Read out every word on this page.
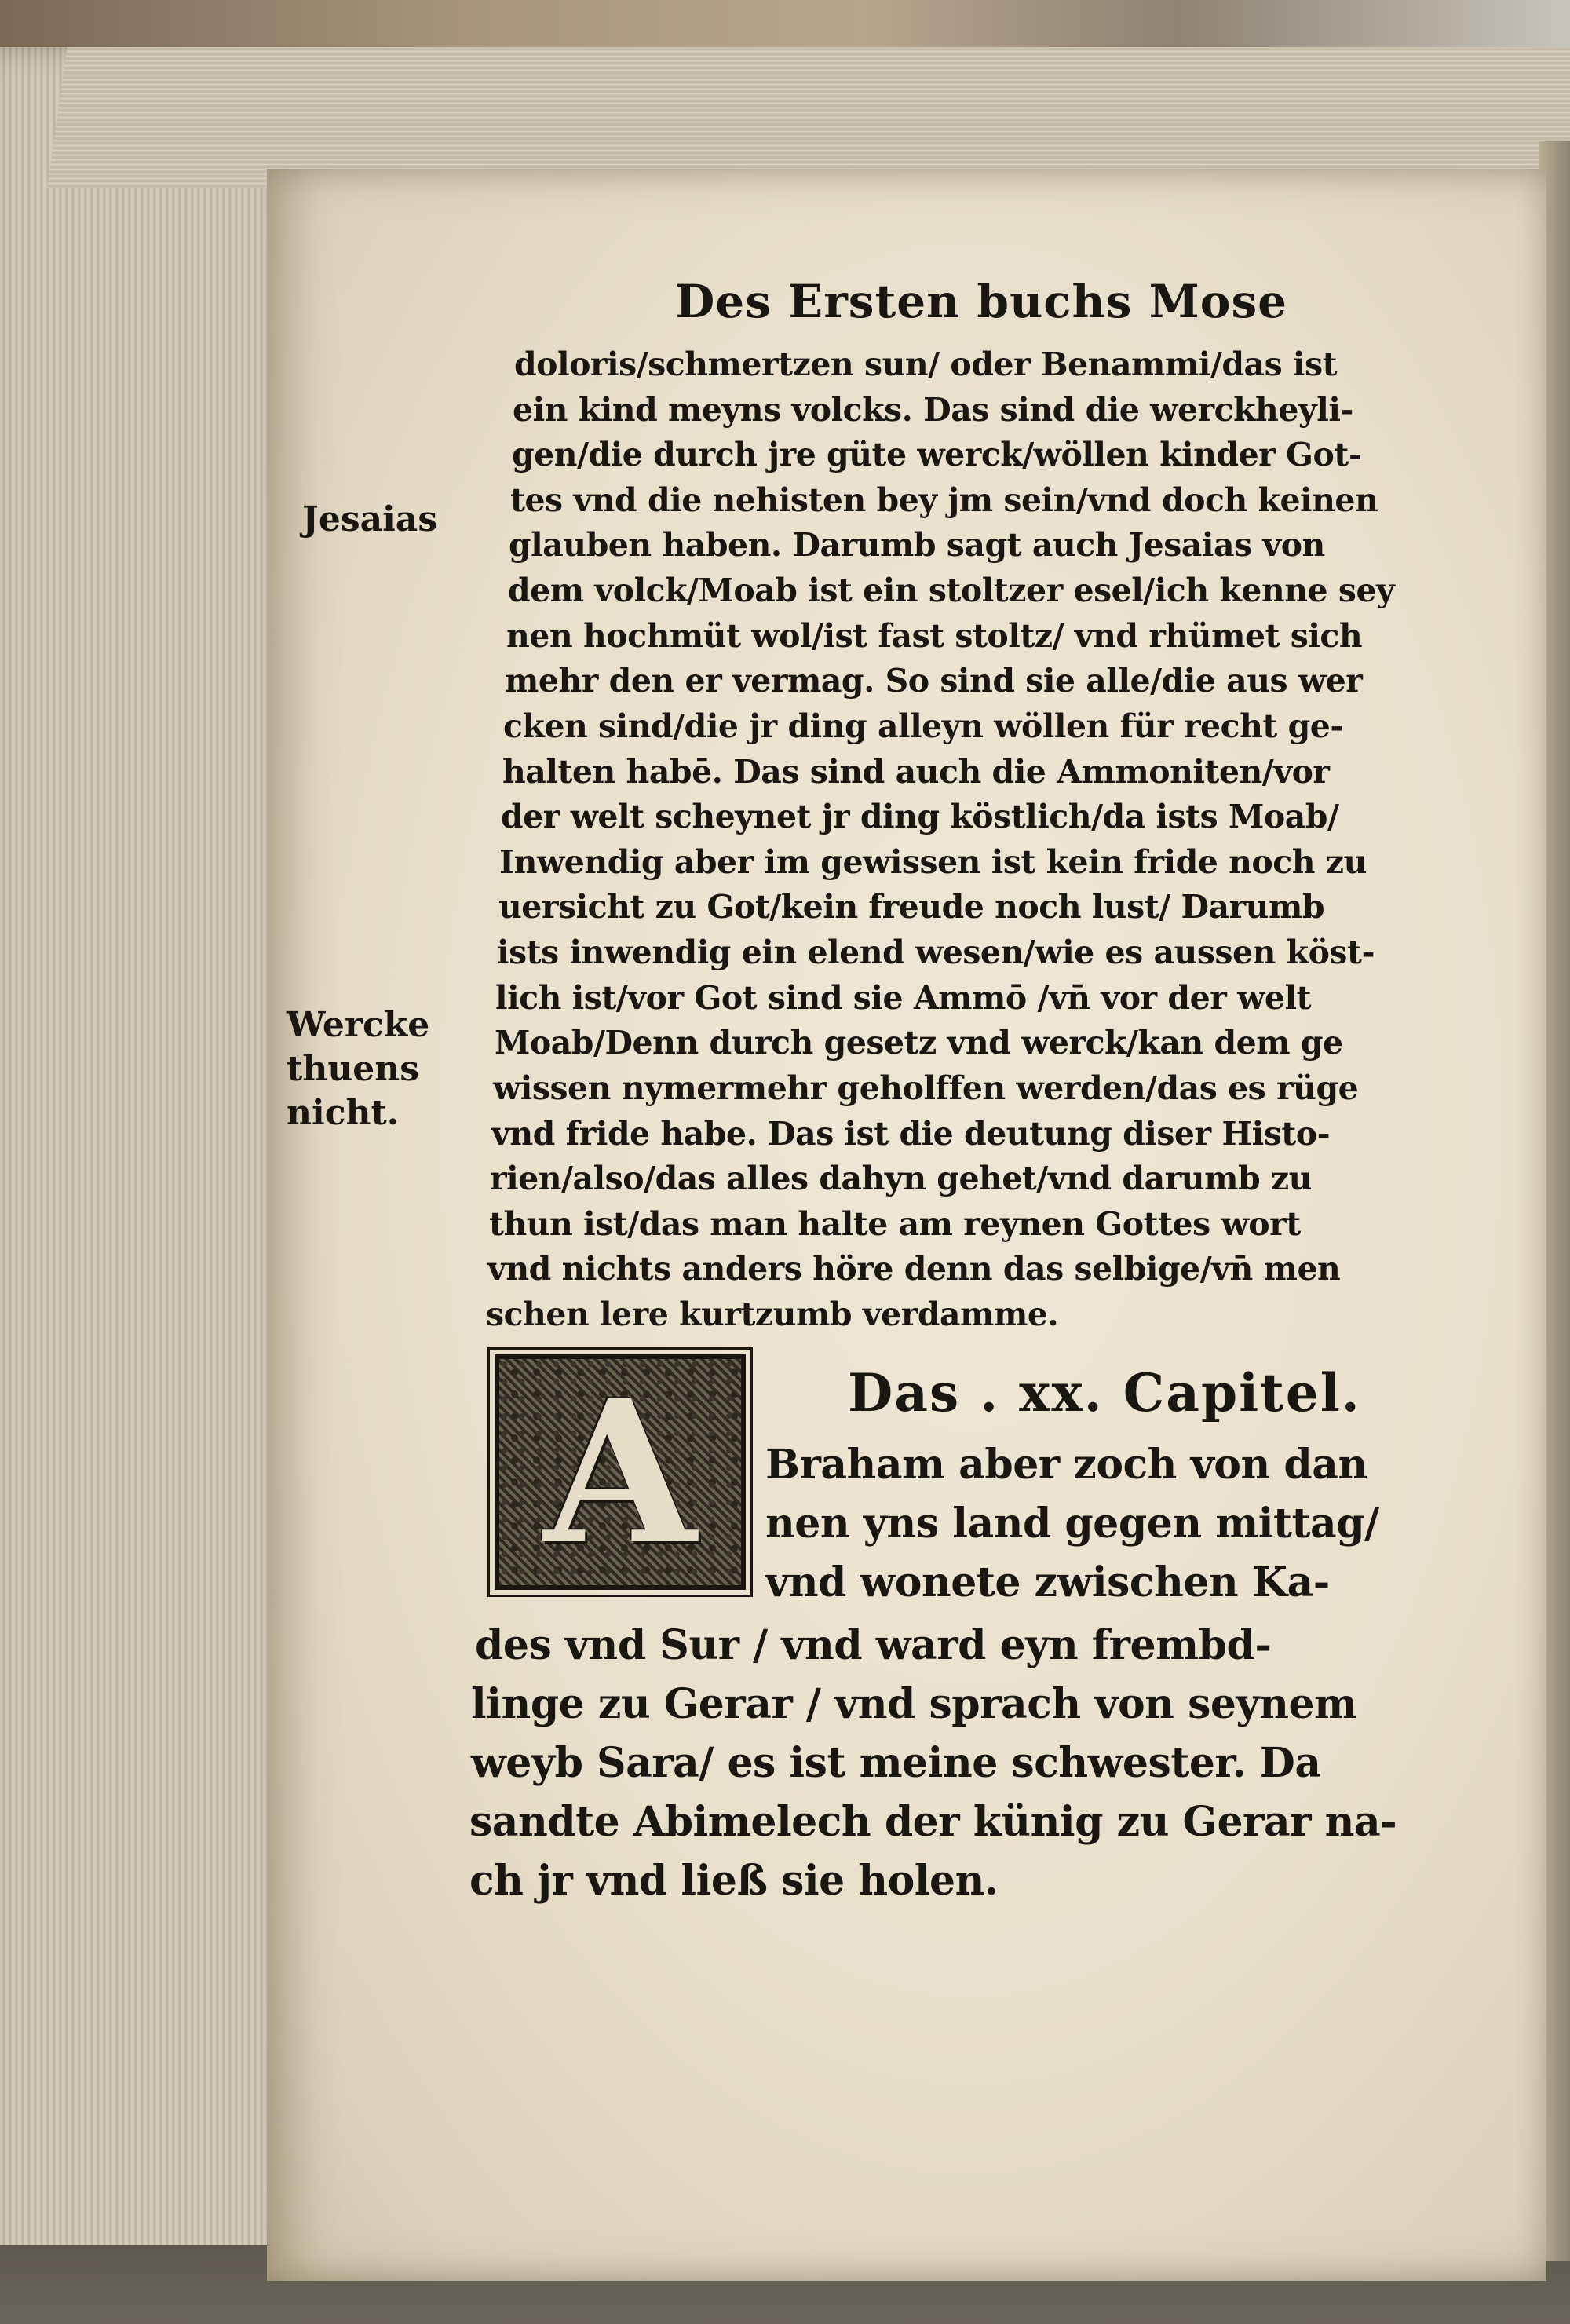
Des Ersten buchs Mose

doloris/schmertzen sun/ oder Benammi/das ist

ein kind meyns volcks. Das sind die werckheyli-

gen/die durch jre güte werck/wöllen kinder Got-

tes vnd die nehisten bey jm sein/vnd doch keinen

glauben haben. Darumb sagt auch Jesaias von

dem volck/Moab ist ein stoltzer esel/ich kenne sey

nen hochmüt wol/ist fast stoltz/ vnd rhümet sich

mehr den er vermag. So sind sie alle/die aus wer

cken sind/die jr ding alleyn wöllen für recht ge-

halten habē. Das sind auch die Ammoniten/vor

der welt scheynet jr ding köstlich/da ists Moab/

Inwendig aber im gewissen ist kein fride noch zu

uersicht zu Got/kein freude noch lust/ Darumb

ists inwendig ein elend wesen/wie es aussen köst-

lich ist/vor Got sind sie Ammō /vn̄ vor der welt

Moab/Denn durch gesetz vnd werck/kan dem ge

wissen nymermehr geholffen werden/das es rüge

vnd fride habe. Das ist die deutung diser Histo-

rien/also/das alles dahyn gehet/vnd darumb zu

thun ist/das man halte am reynen Gottes wort

vnd nichts anders höre denn das selbige/vn̄ men

Jesaias

Wercke

thuens

nicht.

A	Das . xx. Capitel.

Braham aber zoch von dan

nen yns land gegen mittag/

vnd wonete zwischen Ka-

des vnd Sur / vnd ward eyn frembd-

linge zu Gerar / vnd sprach von seynem

weyb Sara/ es ist meine schwester. Da

sandte Abimelech der künig zu Gerar na-

ch jr vnd ließ sie holen.

schen lere kurtzumb verdamme.
